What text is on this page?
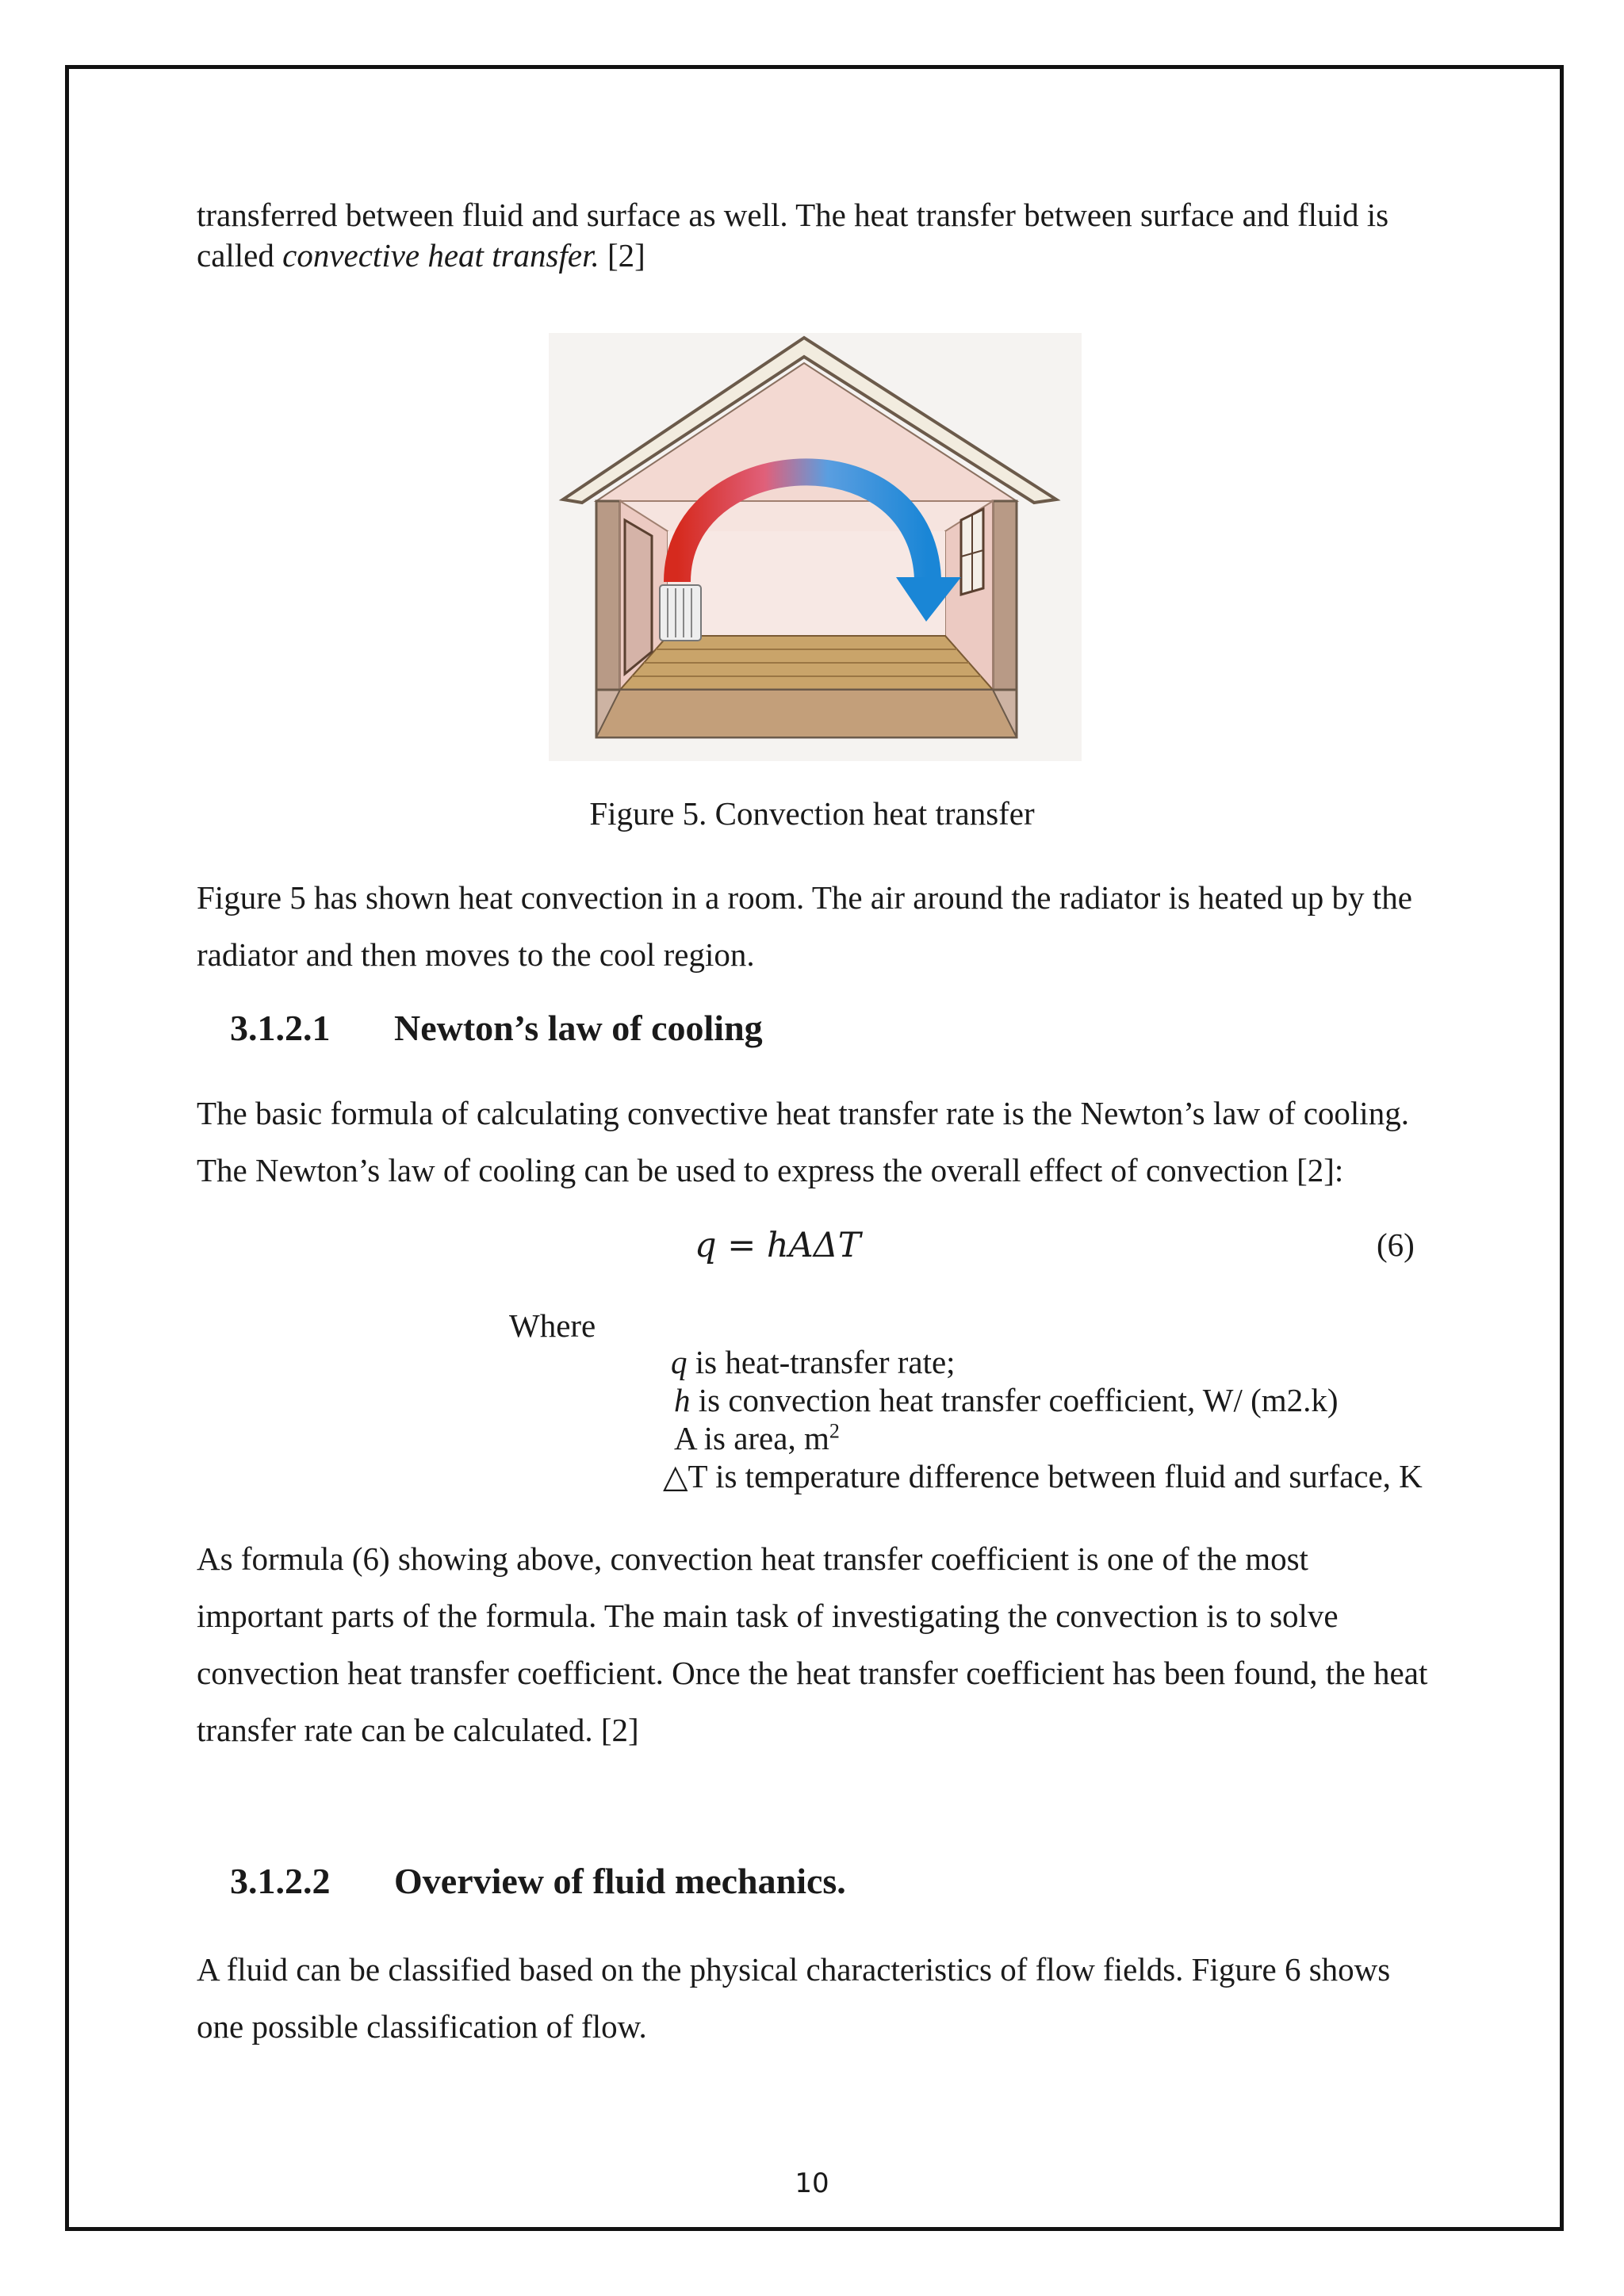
transferred between fluid and surface as well. The heat transfer between surface and fluid is
called convective heat transfer. [2]

Figure 5. Convection heat transfer

Figure 5 has shown heat convection in a room. The air around the radiator is heated up by the radiator and then moves to the cool region.

3.1.2.1 Newton’s law of cooling

The basic formula of calculating convective heat transfer rate is the Newton’s law of cooling. The Newton’s law of cooling can be used to express the overall effect of convection [2]:

q = hAΔT	(6)
Where
q is heat-transfer rate;
h is convection heat transfer coefficient, W/ (m2.k)
A is area, $m^2$
△T is temperature difference between fluid and surface, K

As formula (6) showing above, convection heat transfer coefficient is one of the most important parts of the formula. The main task of investigating the convection is to solve convection heat transfer coefficient. Once the heat transfer coefficient has been found, the heat transfer rate can be calculated. [2]

3.1.2.2 Overview of fluid mechanics.

A fluid can be classified based on the physical characteristics of flow fields. Figure 6 shows one possible classification of flow.

10
